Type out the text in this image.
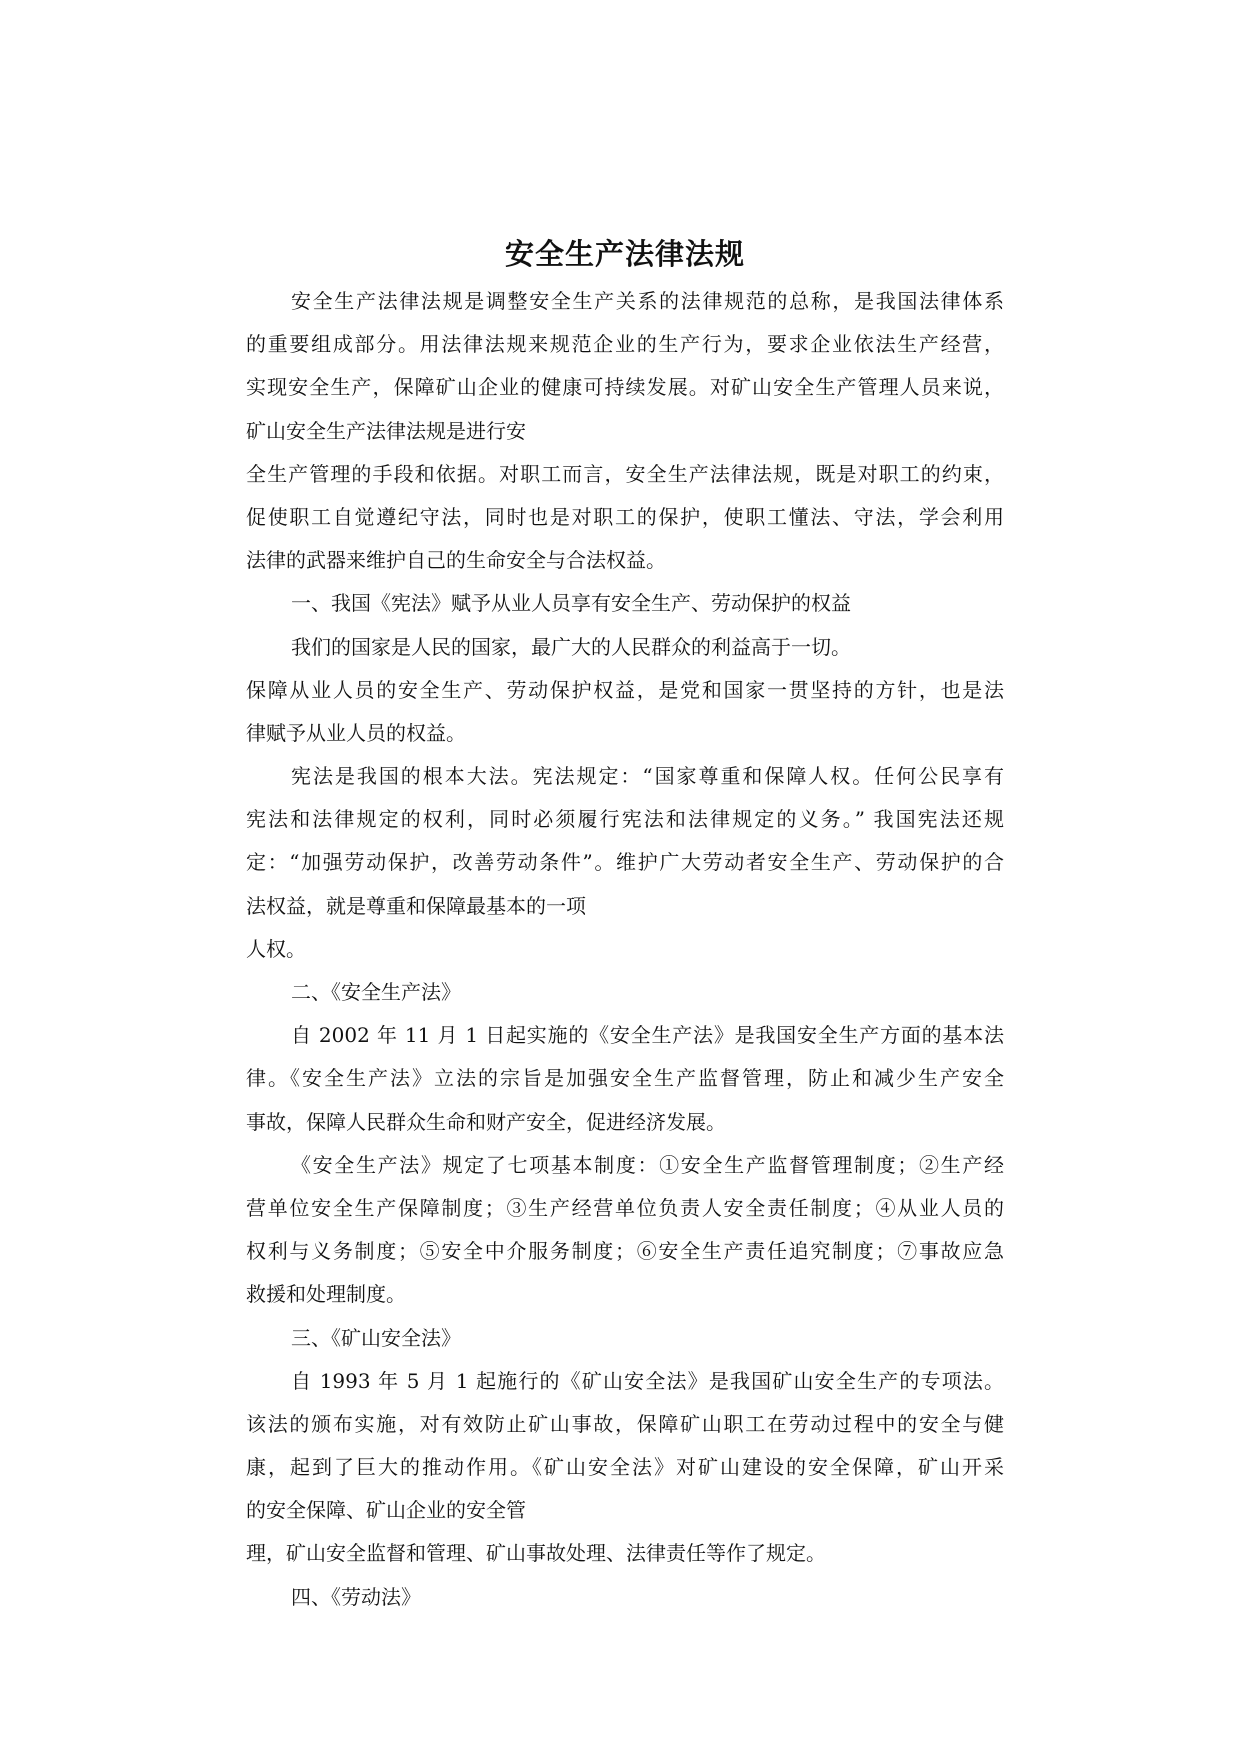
安全生产法律法规
安全生产法律法规是调整安全生产关系的法律规范的总称，是我国法律体系
的重要组成部分。用法律法规来规范企业的生产行为，要求企业依法生产经营，
实现安全生产，保障矿山企业的健康可持续发展。对矿山安全生产管理人员来说，
矿山安全生产法律法规是进行安
全生产管理的手段和依据。对职工而言，安全生产法律法规，既是对职工的约束，
促使职工自觉遵纪守法，同时也是对职工的保护，使职工懂法、守法，学会利用
法律的武器来维护自己的生命安全与合法权益。
一、我国《宪法》赋予从业人员享有安全生产、劳动保护的权益
我们的国家是人民的国家，最广大的人民群众的利益高于一切。
保障从业人员的安全生产、劳动保护权益，是党和国家一贯坚持的方针，也是法
律赋予从业人员的权益。
宪法是我国的根本大法。宪法规定：“国家尊重和保障人权。任何公民享有
宪法和法律规定的权利，同时必须履行宪法和法律规定的义务。” 我国宪法还规
定：“加强劳动保护，改善劳动条件”。维护广大劳动者安全生产、劳动保护的合
法权益，就是尊重和保障最基本的一项
人权。
二、《安全生产法》
自 2002 年 11 月 1 日起实施的《安全生产法》是我国安全生产方面的基本法
律。《安全生产法》立法的宗旨是加强安全生产监督管理，防止和减少生产安全
事故，保障人民群众生命和财产安全，促进经济发展。
《安全生产法》规定了七项基本制度：①安全生产监督管理制度；②生产经
营单位安全生产保障制度；③生产经营单位负责人安全责任制度；④从业人员的
权利与义务制度；⑤安全中介服务制度；⑥安全生产责任追究制度；⑦事故应急
救援和处理制度。
三、《矿山安全法》
自 1993 年 5 月 1 起施行的《矿山安全法》是我国矿山安全生产的专项法。
该法的颁布实施，对有效防止矿山事故，保障矿山职工在劳动过程中的安全与健
康，起到了巨大的推动作用。《矿山安全法》对矿山建设的安全保障，矿山开采
的安全保障、矿山企业的安全管
理，矿山安全监督和管理、矿山事故处理、法律责任等作了规定。
四、《劳动法》
